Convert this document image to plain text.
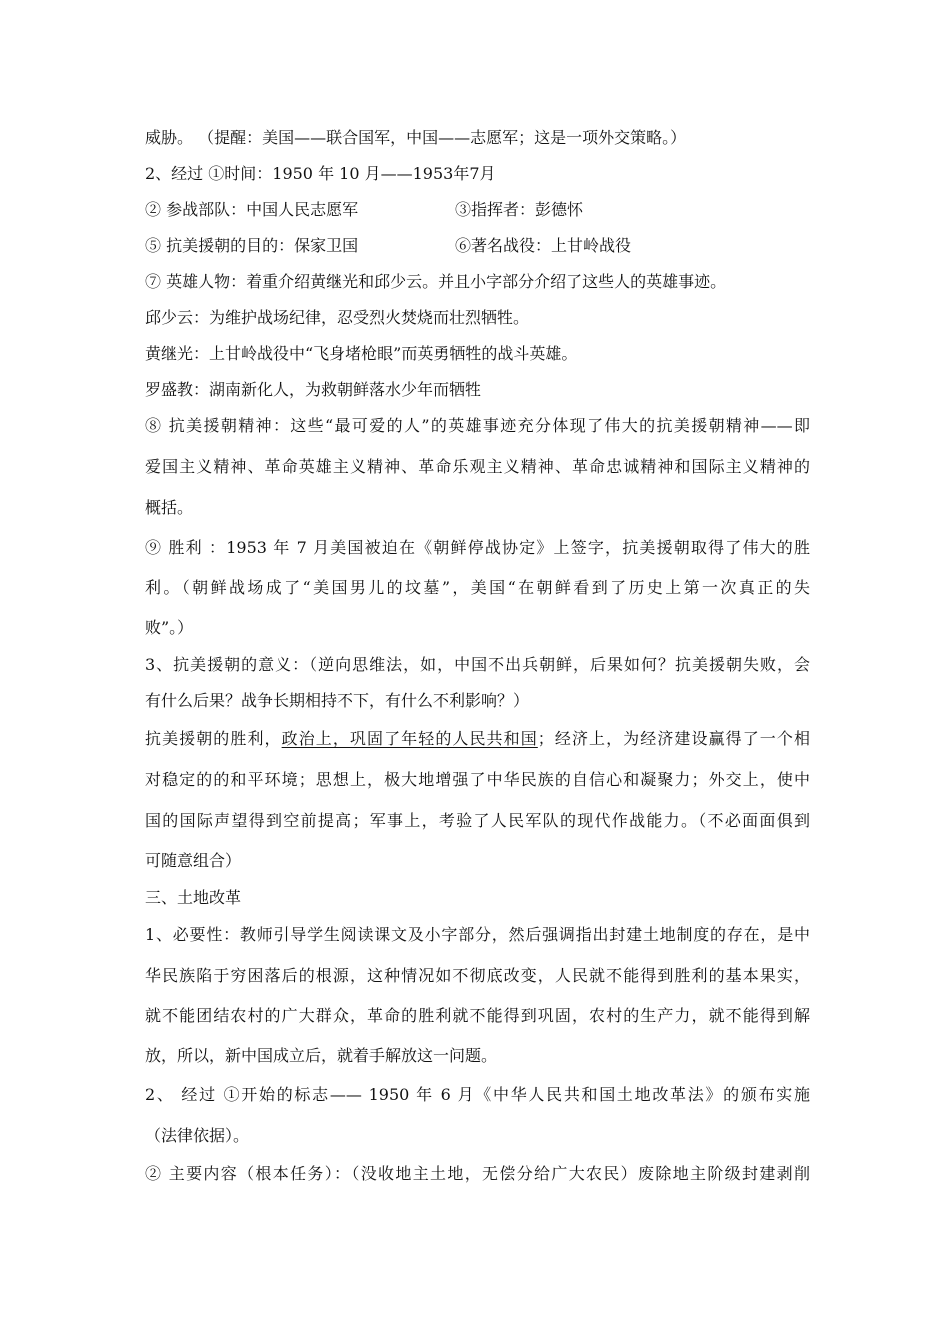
威胁。 （提醒：美国——联合国军，中国——志愿军；这是一项外交策略。）
2、经过 ①时间：1950 年 10 月——1953年7月
② 参战部队：中国人民志愿军	③指挥者：彭德怀
⑤ 抗美援朝的目的：保家卫国	⑥著名战役：上甘岭战役
⑦ 英雄人物：着重介绍黄继光和邱少云。并且小字部分介绍了这些人的英雄事迹。
邱少云：为维护战场纪律，忍受烈火焚烧而壮烈牺牲。
黄继光：上甘岭战役中“飞身堵枪眼”而英勇牺牲的战斗英雄。
罗盛教：湖南新化人，为救朝鲜落水少年而牺牲
⑧ 抗美援朝精神：这些“最可爱的人”的英雄事迹充分体现了伟大的抗美援朝精神——即
爱国主义精神、革命英雄主义精神、革命乐观主义精神、革命忠诚精神和国际主义精神的
概括。
⑨ 胜利 ：1953 年 7 月美国被迫在《朝鲜停战协定》上签字，抗美援朝取得了伟大的胜
利。（朝鲜战场成了“美国男儿的坟墓”，美国“在朝鲜看到了历史上第一次真正的失
败”。）
3、抗美援朝的意义：（逆向思维法，如，中国不出兵朝鲜，后果如何？抗美援朝失败，会
有什么后果？战争长期相持不下，有什么不利影响？）
抗美援朝的胜利，政治上，巩固了年轻的人民共和国；经济上，为经济建设赢得了一个相
对稳定的的和平环境；思想上，极大地增强了中华民族的自信心和凝聚力；外交上，使中
国的国际声望得到空前提高；军事上，考验了人民军队的现代作战能力。（不必面面俱到
可随意组合）
三、土地改革
1、必要性：教师引导学生阅读课文及小字部分，然后强调指出封建土地制度的存在，是中
华民族陷于穷困落后的根源，这种情况如不彻底改变，人民就不能得到胜利的基本果实，
就不能团结农村的广大群众，革命的胜利就不能得到巩固，农村的生产力，就不能得到解
放，所以，新中国成立后，就着手解放这一问题。
2、 经过 ①开始的标志—— 1950 年 6 月《中华人民共和国土地改革法》的颁布实施
（法律依据）。
② 主要内容（根本任务）：（没收地主土地，无偿分给广大农民）废除地主阶级封建剥削
